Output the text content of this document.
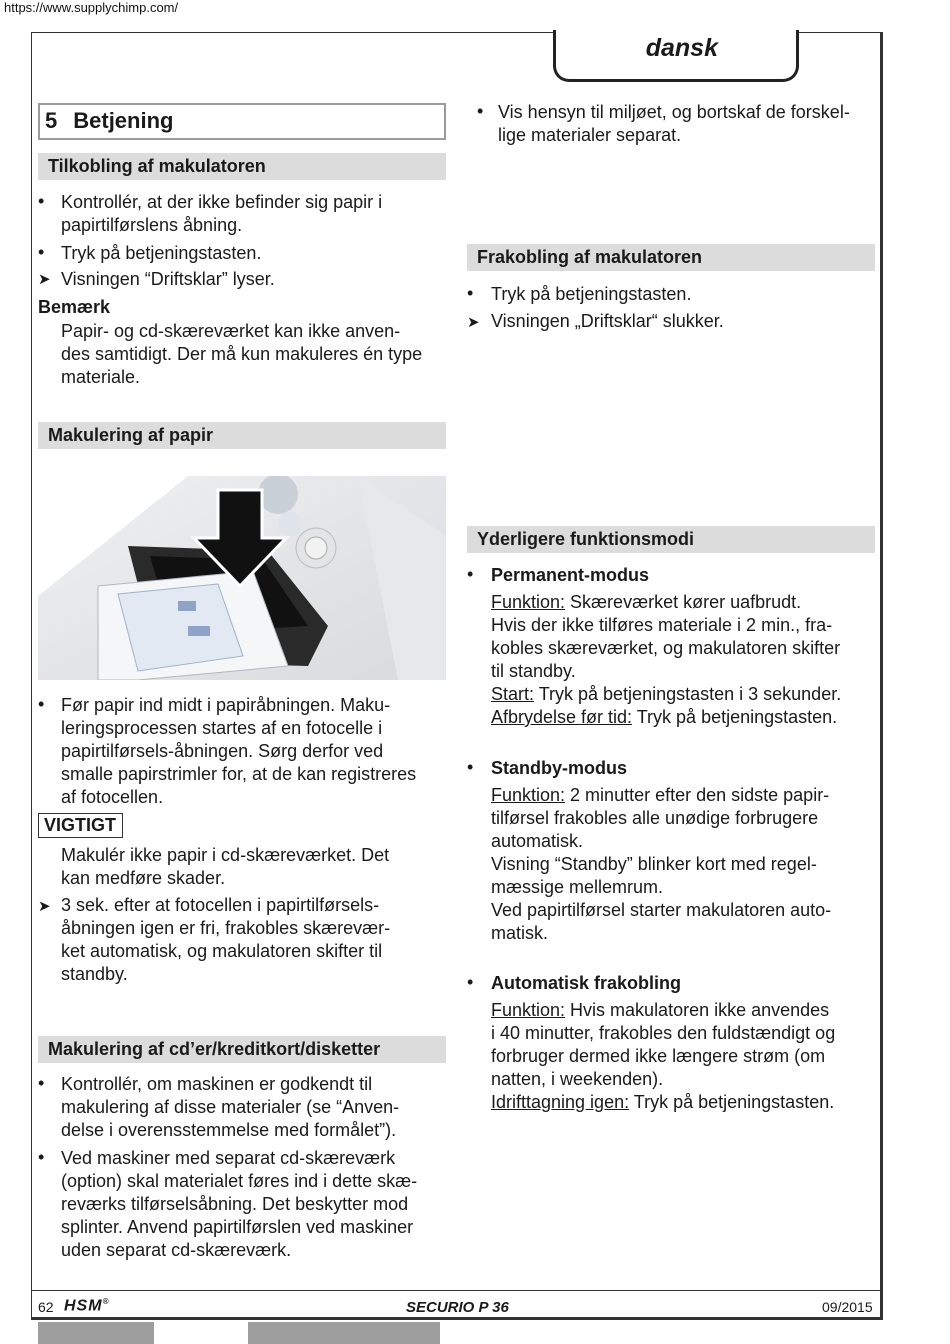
https://www.supplychimp.com/
dansk
5 Betjening
Tilkobling af makulatoren
• Kontrollér, at der ikke befinder sig papir i
papirtilførslens åbning.
• Tryk på betjeningstasten.
➤ Visningen “Driftsklar” lyser.
Bemærk
Papir- og cd-skæreværket kan ikke anven-
des samtidigt. Der må kun makuleres én type
materiale.
Makulering af papir
• Før papir ind midt i papiråbningen. Maku-
leringsprocessen startes af en fotocelle i
papirtilførsels-åbningen. Sørg derfor ved
smalle papirstrimler for, at de kan registreres
af fotocellen.
VIGTIGT
Makulér ikke papir i cd-skæreværket. Det
kan medføre skader.
➤ 3 sek. efter at fotocellen i papirtilførsels-
åbningen igen er fri, frakobles skærevær-
ket automatisk, og makulatoren skifter til
standby.
Makulering af cd’er/kreditkort/disketter
• Kontrollér, om maskinen er godkendt til
makulering af disse materialer (se “Anven-
delse i overensstemmelse med formålet”).
• Ved maskiner med separat cd-skæreværk
(option) skal materialet føres ind i dette skæ-
reværks tilførselsåbning. Det beskytter mod
splinter. Anvend papirtilførslen ved maskiner
uden separat cd-skæreværk.
• Vis hensyn til miljøet, og bortskaf de forskel-
lige materialer separat.
Frakobling af makulatoren
• Tryk på betjeningstasten.
➤ Visningen „Driftsklar“ slukker.
Yderligere funktionsmodi
• Permanent-modus
Funktion: Skæreværket kører uafbrudt.
Hvis der ikke tilføres materiale i 2 min., fra-
kobles skæreværket, og makulatoren skifter
til standby.
Start: Tryk på betjeningstasten i 3 sekunder.
Afbrydelse før tid: Tryk på betjeningstasten.
• Standby-modus
Funktion: 2 minutter efter den sidste papir-
tilførsel frakobles alle unødige forbrugere
automatisk.
Visning “Standby” blinker kort med regel-
mæssige mellemrum.
Ved papirtilførsel starter makulatoren auto-
matisk.
• Automatisk frakobling
Funktion: Hvis makulatoren ikke anvendes
i 40 minutter, frakobles den fuldstændigt og
forbruger dermed ikke længere strøm (om
natten, i weekenden).
Idrifttagning igen: Tryk på betjeningstasten.
62 HSM®	SECURIO P 36	09/2015
